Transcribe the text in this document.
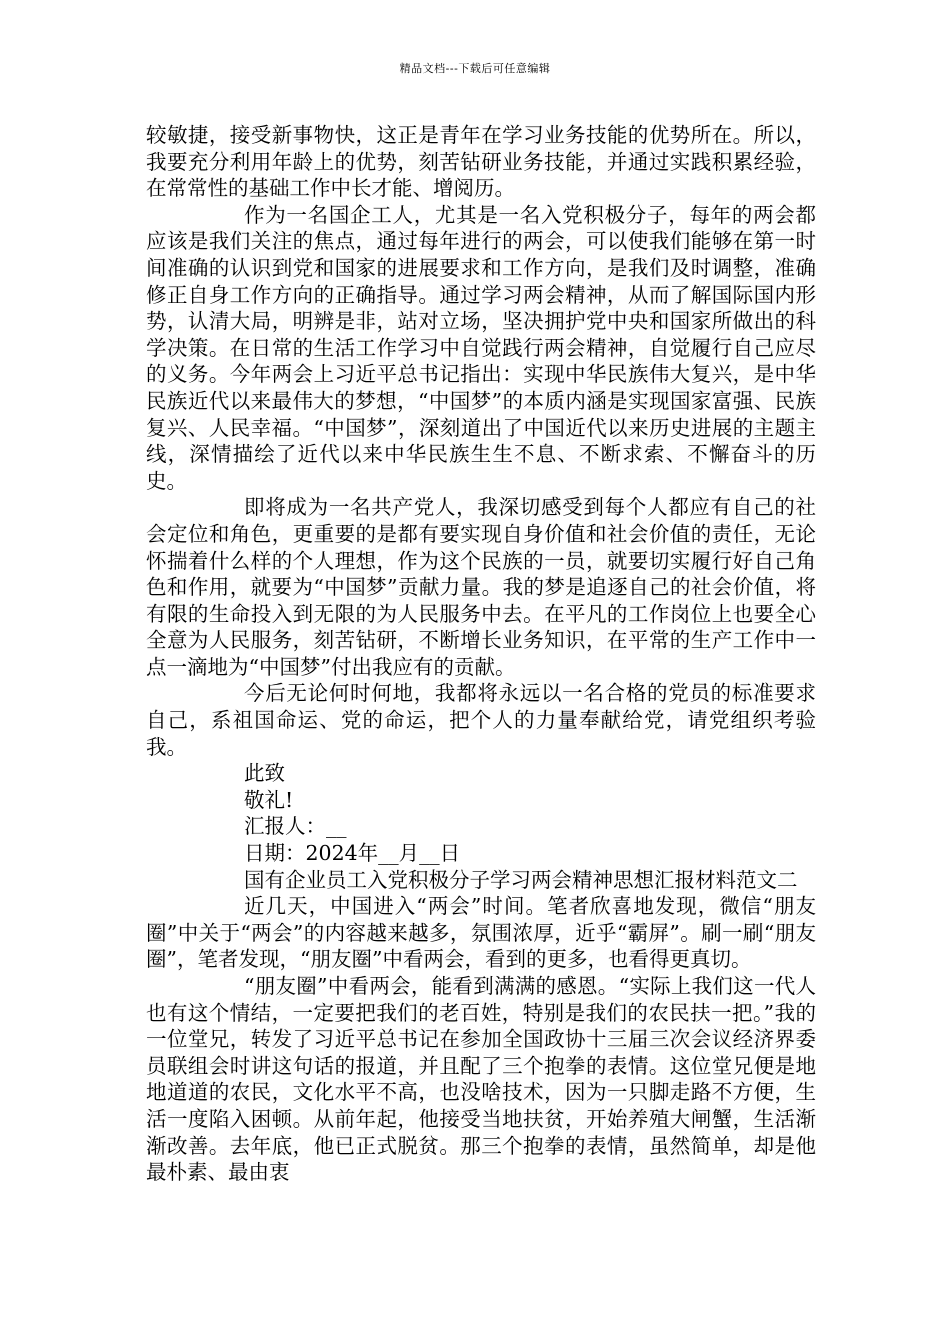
精品文档---下载后可任意编辑

较敏捷，接受新事物快，这正是青年在学习业务技能的优势所在。所以，我要充分利用年龄上的优势，刻苦钻研业务技能，并通过实践积累经验，在常常性的基础工作中长才能、增阅历。

作为一名国企工人，尤其是一名入党积极分子，每年的两会都应该是我们关注的焦点，通过每年进行的两会，可以使我们能够在第一时间准确的认识到党和国家的进展要求和工作方向，是我们及时调整，准确修正自身工作方向的正确指导。通过学习两会精神，从而了解国际国内形势，认清大局，明辨是非，站对立场，坚决拥护党中央和国家所做出的科学决策。在日常的生活工作学习中自觉践行两会精神，自觉履行自己应尽的义务。今年两会上习近平总书记指出：实现中华民族伟大复兴，是中华民族近代以来最伟大的梦想，“中国梦”的本质内涵是实现国家富强、民族复兴、人民幸福。“中国梦”，深刻道出了中国近代以来历史进展的主题主线，深情描绘了近代以来中华民族生生不息、不断求索、不懈奋斗的历史。

即将成为一名共产党人，我深切感受到每个人都应有自己的社会定位和角色，更重要的是都有要实现自身价值和社会价值的责任，无论怀揣着什么样的个人理想，作为这个民族的一员，就要切实履行好自己角色和作用，就要为“中国梦”贡献力量。我的梦是追逐自己的社会价值，将有限的生命投入到无限的为人民服务中去。在平凡的工作岗位上也要全心全意为人民服务，刻苦钻研，不断增长业务知识，在平常的生产工作中一点一滴地为“中国梦”付出我应有的贡献。

今后无论何时何地，我都将永远以一名合格的党员的标准要求自己，系祖国命运、党的命运，把个人的力量奉献给党，请党组织考验我。

此致

敬礼!

汇报人：__

日期：2024年__月__日

国有企业员工入党积极分子学习两会精神思想汇报材料范文二

近几天，中国进入“两会”时间。笔者欣喜地发现，微信“朋友圈”中关于“两会”的内容越来越多，氛围浓厚，近乎“霸屏”。刷一刷“朋友圈”，笔者发现，“朋友圈”中看两会，看到的更多，也看得更真切。

“朋友圈”中看两会，能看到满满的感恩。“实际上我们这一代人也有这个情结，一定要把我们的老百姓，特别是我们的农民扶一把。”我的一位堂兄，转发了习近平总书记在参加全国政协十三届三次会议经济界委员联组会时讲这句话的报道，并且配了三个抱拳的表情。这位堂兄便是地地道道的农民，文化水平不高，也没啥技术，因为一只脚走路不方便，生活一度陷入困顿。从前年起，他接受当地扶贫，开始养殖大闸蟹，生活渐渐改善。去年底，他已正式脱贫。那三个抱拳的表情，虽然简单，却是他最朴素、最由衷
